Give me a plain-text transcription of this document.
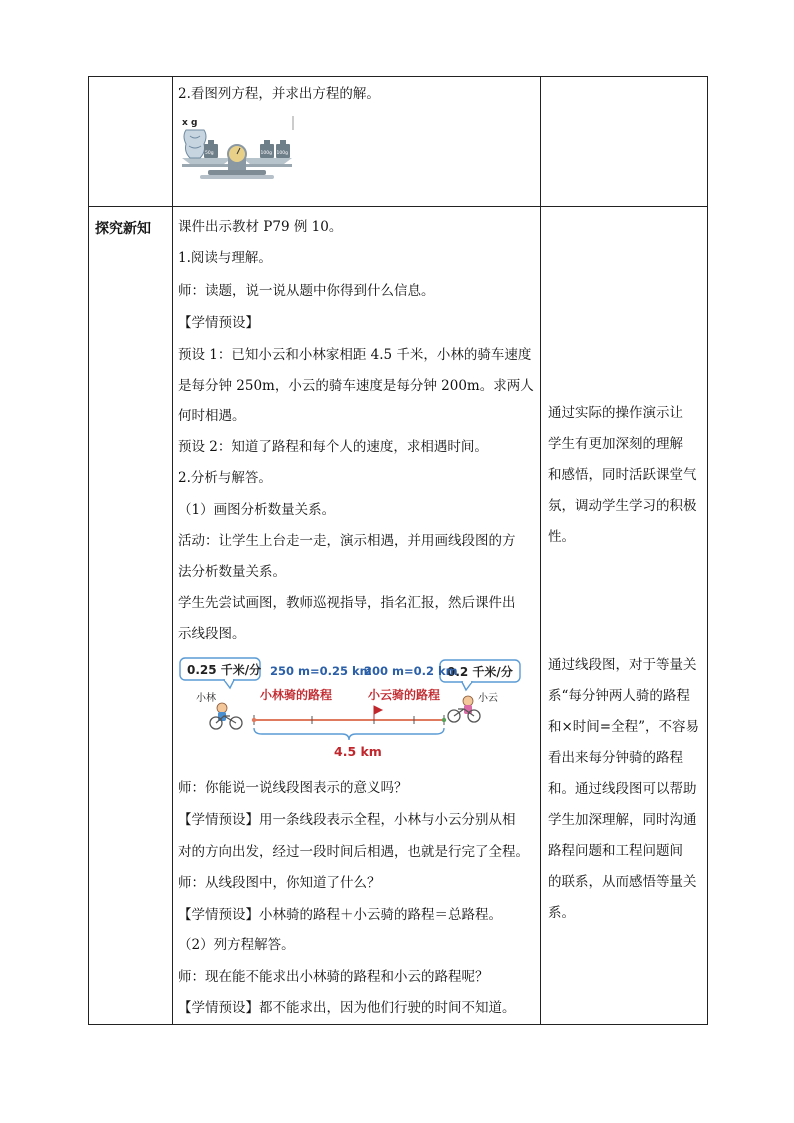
2.看图列方程，并求出方程的解。
x g
50g	100g 100g
探究新知 课件出示教材 P79 例 10。
1.阅读与理解。
师：读题，说一说从题中你得到什么信息。
【学情预设】
预设 1：已知小云和小林家相距 4.5 千米，小林的骑车速度
是每分钟 250m，小云的骑车速度是每分钟 200m。求两人
何时相遇。
预设 2：知道了路程和每个人的速度，求相遇时间。
2.分析与解答。
（1）画图分析数量关系。
活动：让学生上台走一走，演示相遇，并用画线段图的方
法分析数量关系。
学生先尝试画图，教师巡视指导，指名汇报，然后课件出
示线段图。
0.25 千米/分	0.2 千米/分
250 m=0.25 km
200 m=0.2 km
小林	小云
小林骑的路程	小云骑的路程
4.5 km
师：你能说一说线段图表示的意义吗？
【学情预设】用一条线段表示全程，小林与小云分别从相
对的方向出发，经过一段时间后相遇，也就是行完了全程。
师：从线段图中，你知道了什么？
【学情预设】小林骑的路程＋小云骑的路程＝总路程。
（2）列方程解答。
师：现在能不能求出小林骑的路程和小云的路程呢？
【学情预设】都不能求出，因为他们行驶的时间不知道。
通过实际的操作演示让
学生有更加深刻的理解
和感悟，同时活跃课堂气
氛，调动学生学习的积极
性。
通过线段图，对于等量关
系“每分钟两人骑的路程
和×时间=全程”，不容易
看出来每分钟骑的路程
和。通过线段图可以帮助
学生加深理解，同时沟通
路程问题和工程问题间
的联系，从而感悟等量关
系。
